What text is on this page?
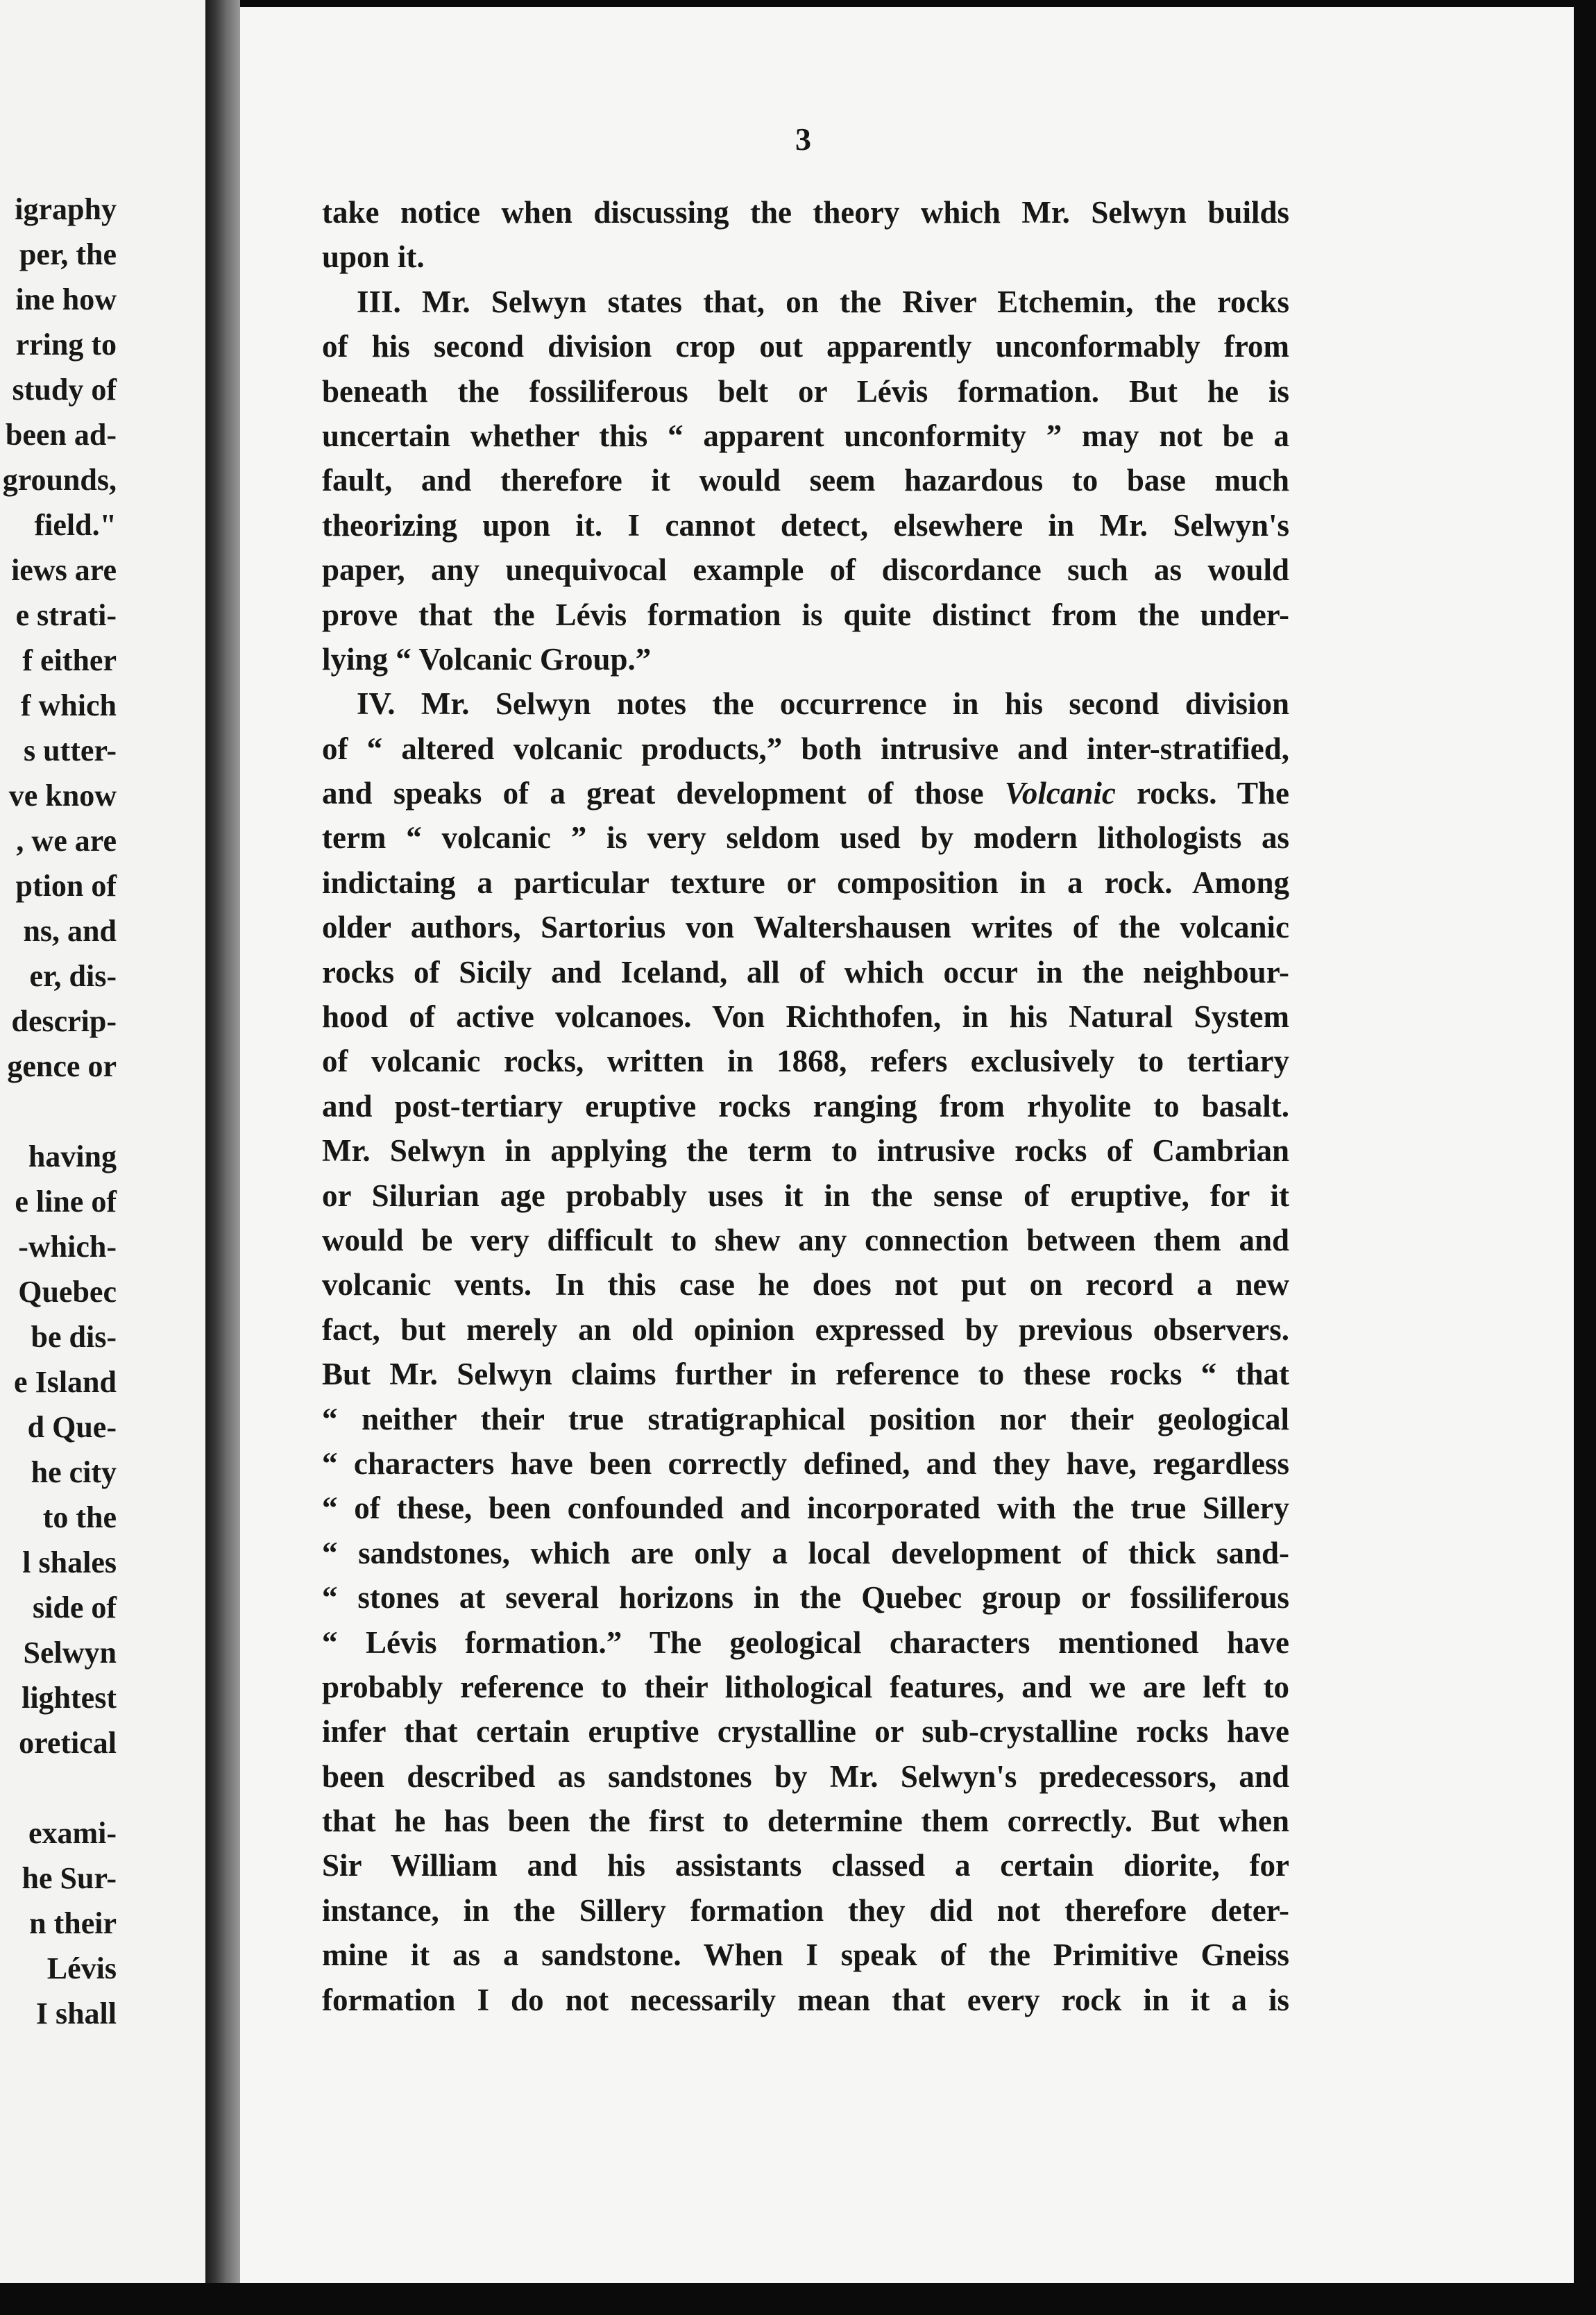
igraphy
per, the
ine how
rring to
study of
been ad-
grounds,
field."
iews are
e strati-
f either
f which
s utter-
ve know
, we are
ption of
ns, and
er, dis-
descrip-
gence or
having
e line of
-which-
Quebec
be dis-
e Island
d Que-
he city
to the
l shales
side of
Selwyn
lightest
oretical
exami-
he Sur-
n their
Lévis
I shall
3
take notice when discussing the theory which Mr. Selwyn builds
upon it.
III. Mr. Selwyn states that, on the River Etchemin, the rocks
of his second division crop out apparently unconformably from
beneath the fossiliferous belt or Lévis formation. But he is
uncertain whether this “ apparent unconformity ” may not be a
fault, and therefore it would seem hazardous to base much
theorizing upon it. I cannot detect, elsewhere in Mr. Selwyn's
paper, any unequivocal example of discordance such as would
prove that the Lévis formation is quite distinct from the under-
lying “ Volcanic Group.”
IV. Mr. Selwyn notes the occurrence in his second division
of “ altered volcanic products,” both intrusive and inter-stratified,
and speaks of a great development of those Volcanic rocks. The
term “ volcanic ” is very seldom used by modern lithologists as
indictaing a particular texture or composition in a rock. Among
older authors, Sartorius von Waltershausen writes of the volcanic
rocks of Sicily and Iceland, all of which occur in the neighbour-
hood of active volcanoes. Von Richthofen, in his Natural System
of volcanic rocks, written in 1868, refers exclusively to tertiary
and post-tertiary eruptive rocks ranging from rhyolite to basalt.
Mr. Selwyn in applying the term to intrusive rocks of Cambrian
or Silurian age probably uses it in the sense of eruptive, for it
would be very difficult to shew any connection between them and
volcanic vents. In this case he does not put on record a new
fact, but merely an old opinion expressed by previous observers.
But Mr. Selwyn claims further in reference to these rocks “ that
“ neither their true stratigraphical position nor their geological
“ characters have been correctly defined, and they have, regardless
“ of these, been confounded and incorporated with the true Sillery
“ sandstones, which are only a local development of thick sand-
“ stones at several horizons in the Quebec group or fossiliferous
“ Lévis formation.” The geological characters mentioned have
probably reference to their lithological features, and we are left to
infer that certain eruptive crystalline or sub-crystalline rocks have
been described as sandstones by Mr. Selwyn's predecessors, and
that he has been the first to determine them correctly. But when
Sir William and his assistants classed a certain diorite, for
instance, in the Sillery formation they did not therefore deter-
mine it as a sandstone. When I speak of the Primitive Gneiss
formation I do not necessarily mean that every rock in it a is
